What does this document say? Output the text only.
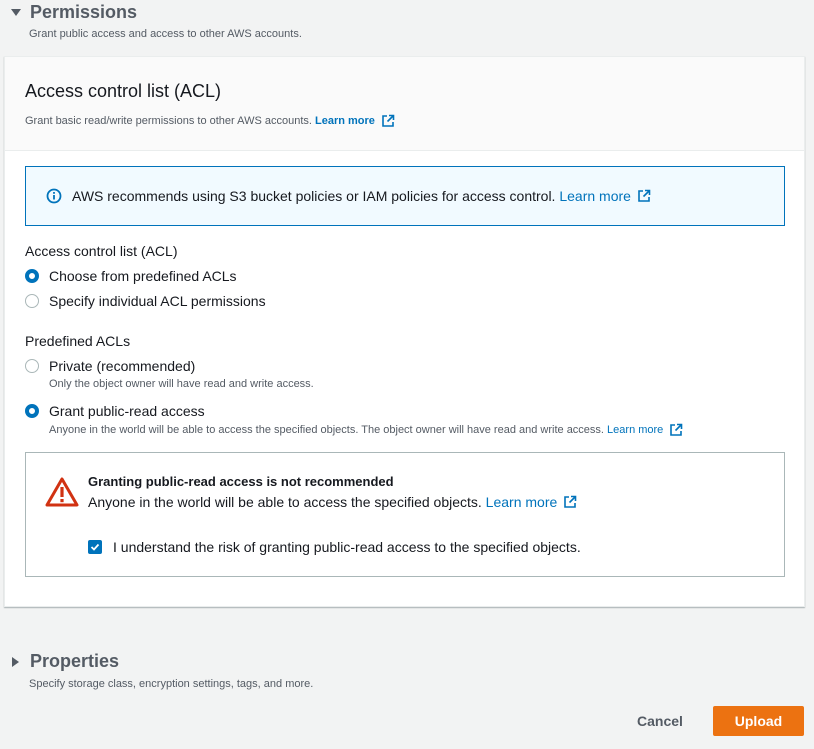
Permissions
Grant public access and access to other AWS accounts.
Access control list (ACL)
Grant basic read/write permissions to other AWS accounts.
Learn more
AWS recommends using S3 bucket policies or IAM policies for access control.
Learn more
Access control list (ACL)
Choose from predefined ACLs
Specify individual ACL permissions
Predefined ACLs
Private (recommended)
Only the object owner will have read and write access.
Grant public-read access
Anyone in the world will be able to access the specified objects. The object owner will have read and write access.
Learn more
Granting public-read access is not recommended
Anyone in the world will be able to access the specified objects.
Learn more
I understand the risk of granting public-read access to the specified objects.
Properties
Specify storage class, encryption settings, tags, and more.
Cancel	Upload
